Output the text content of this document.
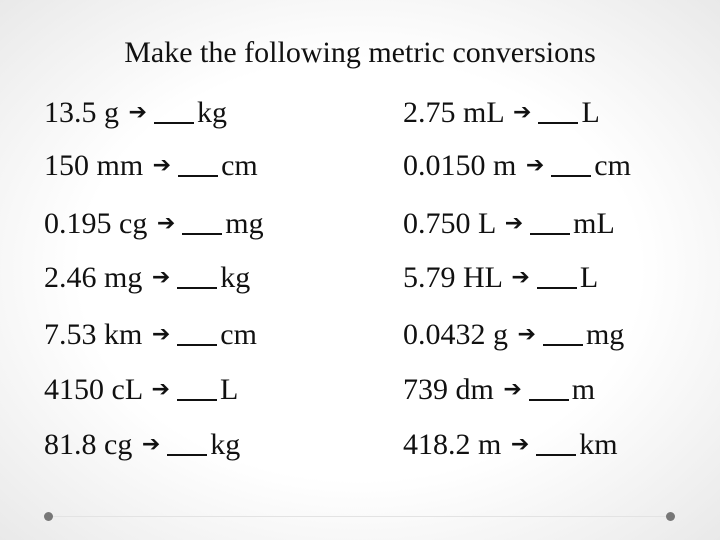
Make the following metric conversions
13.5 g ➔ kg	2.75 mL ➔ L
150 mm ➔ cm	0.0150 m ➔ cm
0.195 cg ➔ mg	0.750 L ➔ mL
2.46 mg ➔ kg	5.79 HL ➔ L
7.53 km ➔ cm	0.0432 g ➔ mg
4150 cL ➔ L	739 dm ➔ m
81.8 cg ➔ kg	418.2 m ➔ km
